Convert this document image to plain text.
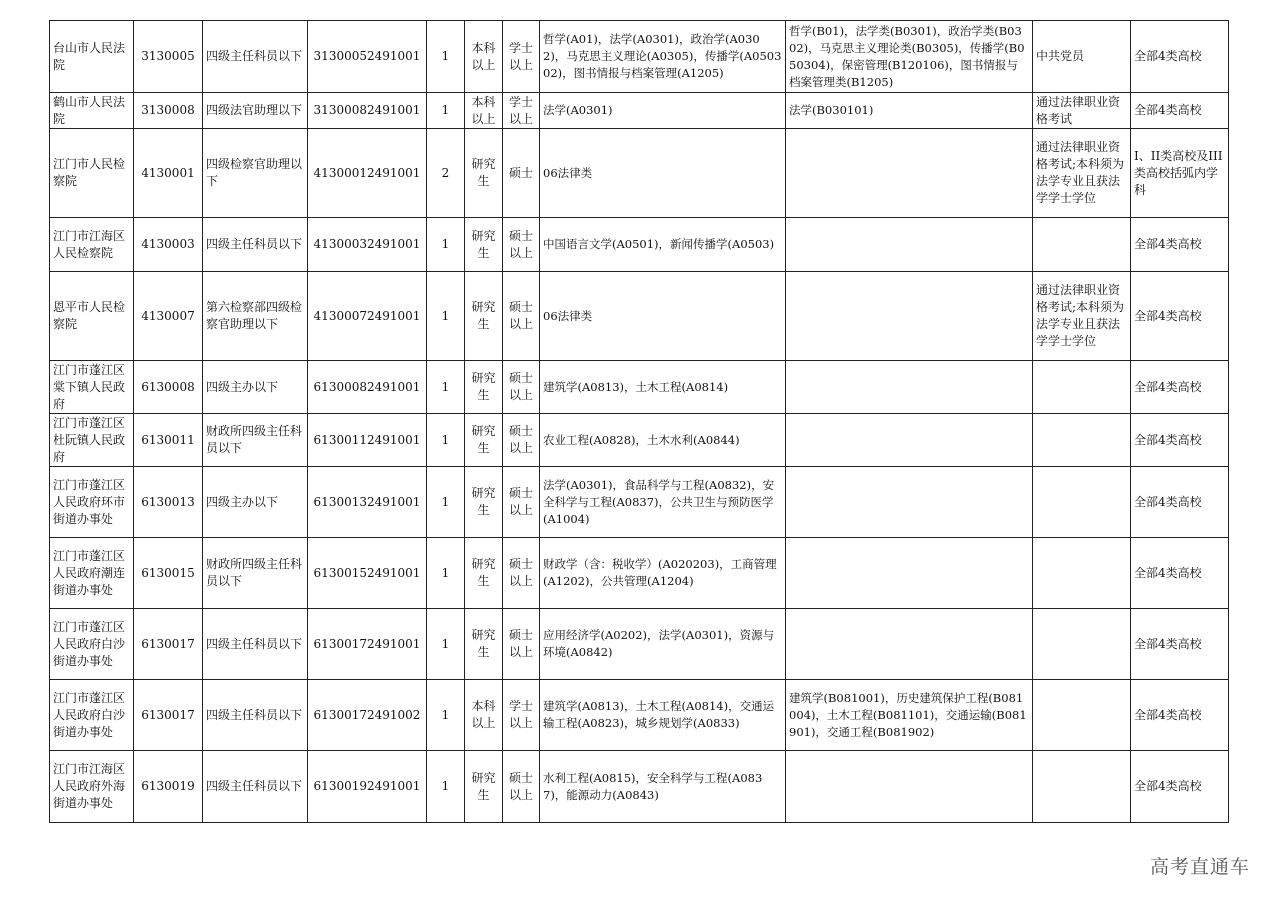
台山市人民法院	3130005	四级主任科员以下	31300052491001	1	本科以上	学士以上	哲学(A01)，法学(A0301)，政治学(A0302)，马克思主义理论(A0305)，传播学(A050302)，图书情报与档案管理(A1205)	哲学(B01)，法学类(B0301)，政治学类(B0302)，马克思主义理论类(B0305)，传播学(B050304)，保密管理(B120106)，图书情报与档案管理类(B1205)	中共党员	全部4类高校
鹤山市人民法院	3130008	四级法官助理以下	31300082491001	1	本科以上	学士以上	法学(A0301)	法学(B030101)	通过法律职业资格考试	全部4类高校
江门市人民检察院	4130001	四级检察官助理以下	41300012491001	2	研究生	硕士	06法律类		通过法律职业资格考试;本科须为法学专业且获法学学士学位	I、II类高校及III类高校括弧内学科
江门市江海区人民检察院	4130003	四级主任科员以下	41300032491001	1	研究生	硕士以上	中国语言文学(A0501)，新闻传播学(A0503)			全部4类高校
恩平市人民检察院	4130007	第六检察部四级检察官助理以下	41300072491001	1	研究生	硕士以上	06法律类		通过法律职业资格考试;本科须为法学专业且获法学学士学位	全部4类高校
江门市蓬江区棠下镇人民政府	6130008	四级主办以下	61300082491001	1	研究生	硕士以上	建筑学(A0813)，土木工程(A0814)			全部4类高校
江门市蓬江区杜阮镇人民政府	6130011	财政所四级主任科员以下	61300112491001	1	研究生	硕士以上	农业工程(A0828)，土木水利(A0844)			全部4类高校
江门市蓬江区人民政府环市街道办事处	6130013	四级主办以下	61300132491001	1	研究生	硕士以上	法学(A0301)，食品科学与工程(A0832)，安全科学与工程(A0837)，公共卫生与预防医学(A1004)			全部4类高校
江门市蓬江区人民政府潮连街道办事处	6130015	财政所四级主任科员以下	61300152491001	1	研究生	硕士以上	财政学（含：税收学）(A020203)，工商管理(A1202)，公共管理(A1204)			全部4类高校
江门市蓬江区人民政府白沙街道办事处	6130017	四级主任科员以下	61300172491001	1	研究生	硕士以上	应用经济学(A0202)，法学(A0301)，资源与环境(A0842)			全部4类高校
江门市蓬江区人民政府白沙街道办事处	6130017	四级主任科员以下	61300172491002	1	本科以上	学士以上	建筑学(A0813)，土木工程(A0814)，交通运输工程(A0823)，城乡规划学(A0833)	建筑学(B081001)，历史建筑保护工程(B081004)，土木工程(B081101)，交通运输(B081901)，交通工程(B081902)		全部4类高校
江门市江海区人民政府外海街道办事处	6130019	四级主任科员以下	61300192491001	1	研究生	硕士以上	水利工程(A0815)，安全科学与工程(A0837)，能源动力(A0843)			全部4类高校
高考直通车
